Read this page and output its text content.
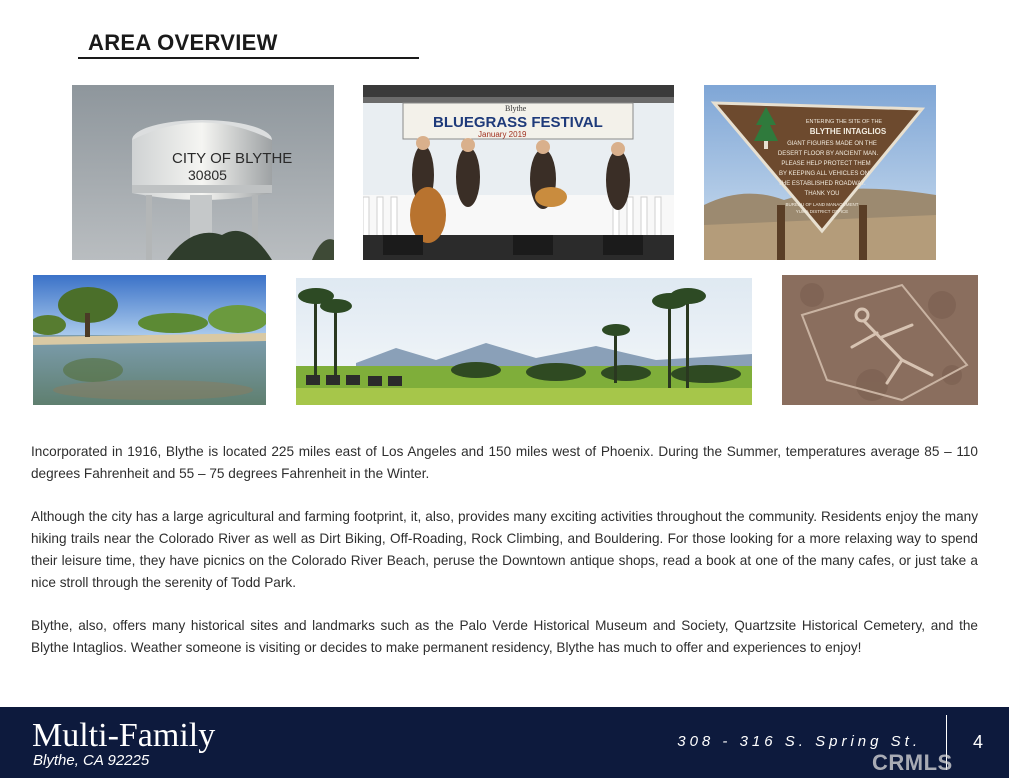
AREA OVERVIEW
CITY OF BLYTHE
30805
Blythe
BLUEGRASS FESTIVAL
January 2019
ENTERING THE SITE OF THE
BLYTHE INTAGLIOS
GIANT FIGURES MADE ON THE
DESERT FLOOR BY ANCIENT MAN.
PLEASE HELP PROTECT THEM
BY KEEPING ALL VEHICLES ON
THE ESTABLISHED ROADWAY.
THANK YOU
BUREAU OF LAND MANAGEMENT
YUMA DISTRICT OFFICE

Incorporated in 1916, Blythe is located 225 miles east of Los Angeles and 150 miles west of Phoenix. During the Summer, temperatures average 85 – 110 degrees Fahrenheit and 55 – 75 degrees Fahrenheit in the Winter.

Although the city has a large agricultural and farming footprint, it, also, provides many exciting activities throughout the community. Residents enjoy the many hiking trails near the Colorado River as well as Dirt Biking, Off-Roading, Rock Climbing, and Bouldering. For those looking for a more relaxing way to spend their leisure time, they have picnics on the Colorado River Beach, peruse the Downtown antique shops, read a book at one of the many cafes, or just take a nice stroll through the serenity of Todd Park.

Blythe, also, offers many historical sites and landmarks such as the Palo Verde Historical Museum and Society, Quartzsite Historical Cemetery, and the Blythe Intaglios. Weather someone is visiting or decides to make permanent residency, Blythe has much to offer and experiences to enjoy!

Multi-Family
Blythe, CA 92225
308 - 316 S. Spring St.	4
CRMLS
